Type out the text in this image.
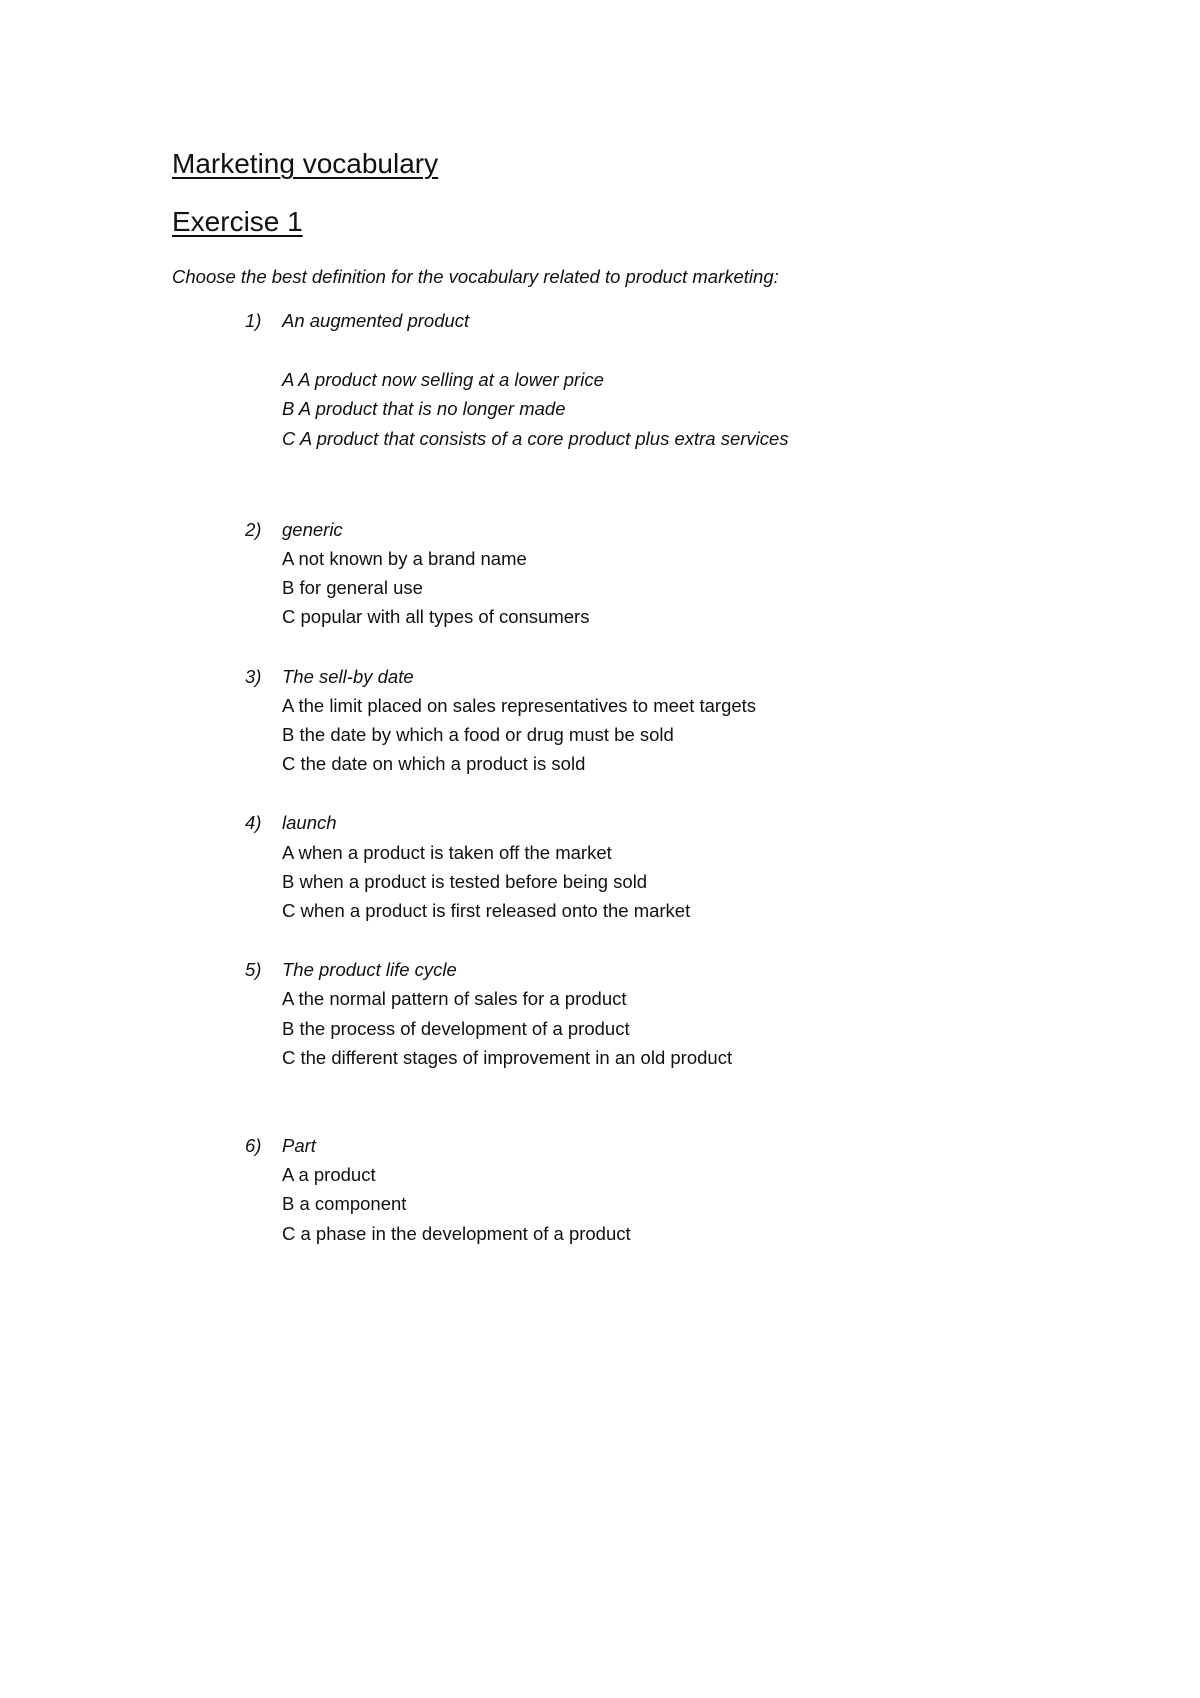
Marketing vocabulary
Exercise 1
Choose the best definition for the vocabulary related to product marketing:
1) An augmented product
A A product now selling at a lower price
B A product that is no longer made
C A product that consists of a core product plus extra services
2) generic
A not known by a brand name
B for general use
C popular with all types of consumers
3) The sell-by date
A the limit placed on sales representatives to meet targets
B the date by which a food or drug must be sold
C the date on which a product is sold
4) launch
A when a product is taken off the market
B when a product is tested before being sold
C when a product is first released onto the market
5) The product life cycle
A the normal pattern of sales for a product
B the process of development of a product
C the different stages of improvement in an old product
6) Part
A a product
B a component
C a phase in the development of a product
